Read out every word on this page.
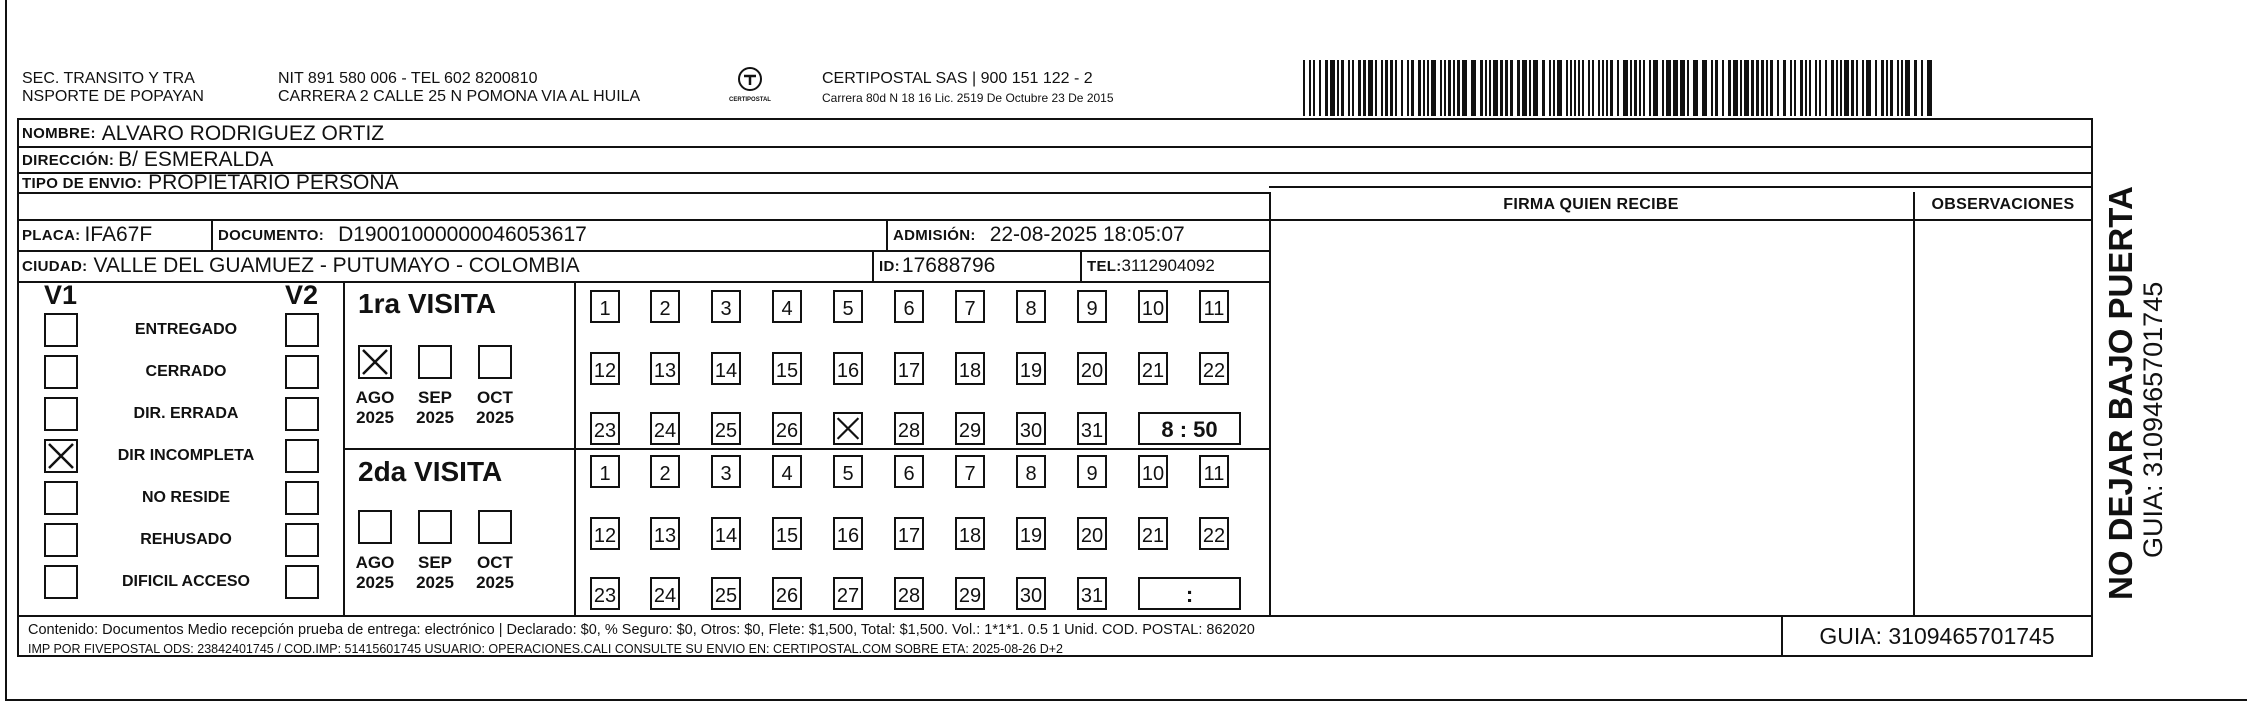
SEC. TRANSITO Y TRA
NSPORTE DE POPAYAN
NIT 891 580 006 - TEL 602 8200810
CARRERA 2 CALLE 25 N POMONA VIA AL HUILA	CERTIPOSTAL
CERTIPOSTAL SAS | 900 151 122 - 2
Carrera 80d N 18 16 Lic. 2519 De Octubre 23 De 2015
NOMBRE: ALVARO RODRIGUEZ ORTIZ
DIRECCIÓN: B/ ESMERALDA
TIPO DE ENVIO: PROPIETARIO PERSONA
FIRMA QUIEN RECIBE	OBSERVACIONES
PLACA: IFA67F	DOCUMENTO: D19001000000046053617	ADMISIÓN: 22-08-2025 18:05:07
CIUDAD: VALLE DEL GUAMUEZ - PUTUMAYO - COLOMBIA	ID: 17688796	TEL: 3112904092
V1	V2
ENTREGADO
CERRADO
DIR. ERRADA
DIR INCOMPLETA
NO RESIDE
REHUSADO
DIFICIL ACCESO
1ra VISITA
2da VISITA
AGO
2025
SEP
2025
OCT
2025
1	2	3	4	5	6	7	8	9	10 11
12 13 14 15 16 17 18 19 20 21 22
23 24 25 26	28 29 30 31	8 : 50
AGO
2025
SEP
2025
OCT
2025
1	2	3	4	5	6	7	8	9	10 11
12 13 14 15 16 17 18 19 20 21 22
23 24 25 26 27 28 29 30 31	:
Contenido: Documentos Medio recepción prueba de entrega: electrónico | Declarado: $0, % Seguro: $0, Otros: $0, Flete: $1,500, Total: $1,500. Vol.: 1*1*1. 0.5 1 Unid. COD. POSTAL: 862020
IMP POR FIVEPOSTAL ODS: 23842401745 / COD.IMP: 51415601745 USUARIO: OPERACIONES.CALI CONSULTE SU ENVIO EN: CERTIPOSTAL.COM SOBRE ETA: 2025-08-26 D+2	GUIA: 3109465701745
NO DEJAR BAJO PUERTA GUIA: 3109465701745
